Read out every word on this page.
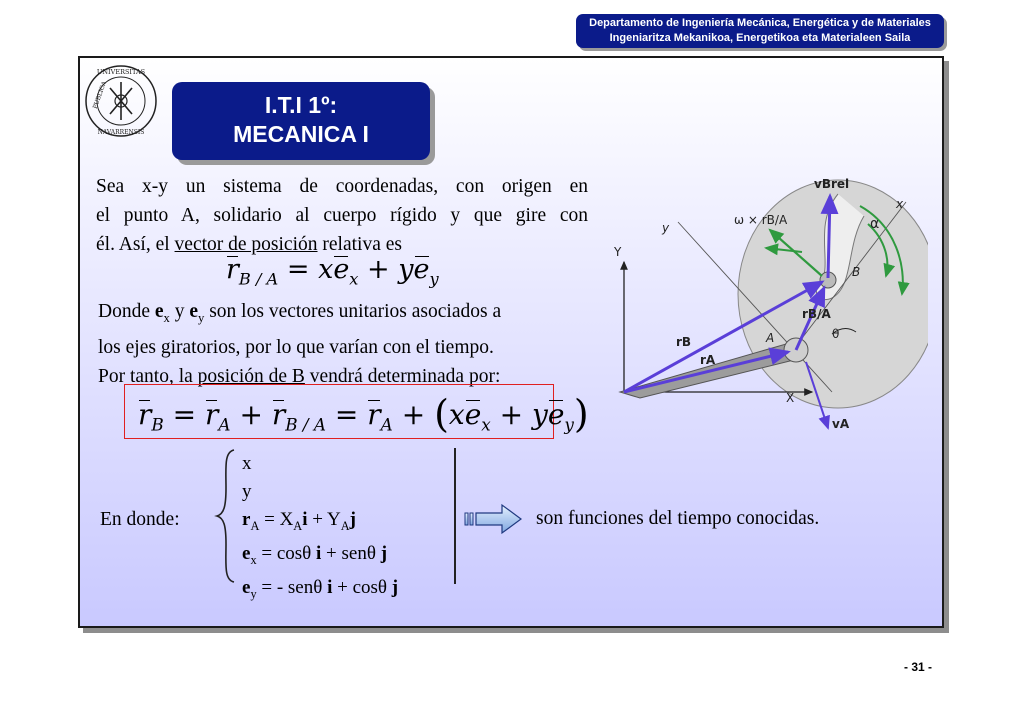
Departamento de Ingeniería Mecánica, Energética y de Materiales
Ingeniaritza Mekanikoa, Energetikoa eta Materialeen Saila
UNIVERSITAS
PUBLICA
NAVARRENSIS
I.T.I 1º:
MECANICA I
Sea x-y un sistema de coordenadas, con origen en
el punto A, solidario al cuerpo rígido y que gire con
él. Así, el vector de posición relativa es
$r_{B / A} = xe_x + ye_y$
Donde $e_x$ y $e_y$ son los vectores unitarios asociados a
los ejes giratorios, por lo que varían con el tiempo.
Por tanto, la posición de B vendrá determinada por:
$r_B = r_A + r_{B / A} = r_A + (xe_x + ye_y)$
En donde:
x
y
$r_A = X_Ai + Y_Aj$
$e_x = \cos\theta$ i + senθ j
$e_y$ = - senθ i + cosθ j
son funciones del tiempo conocidas.
Y
X
y
x
A
B
vBrel
ω × rB/A	α
θ
rB/A
rB
rA
vA
- 31 -
